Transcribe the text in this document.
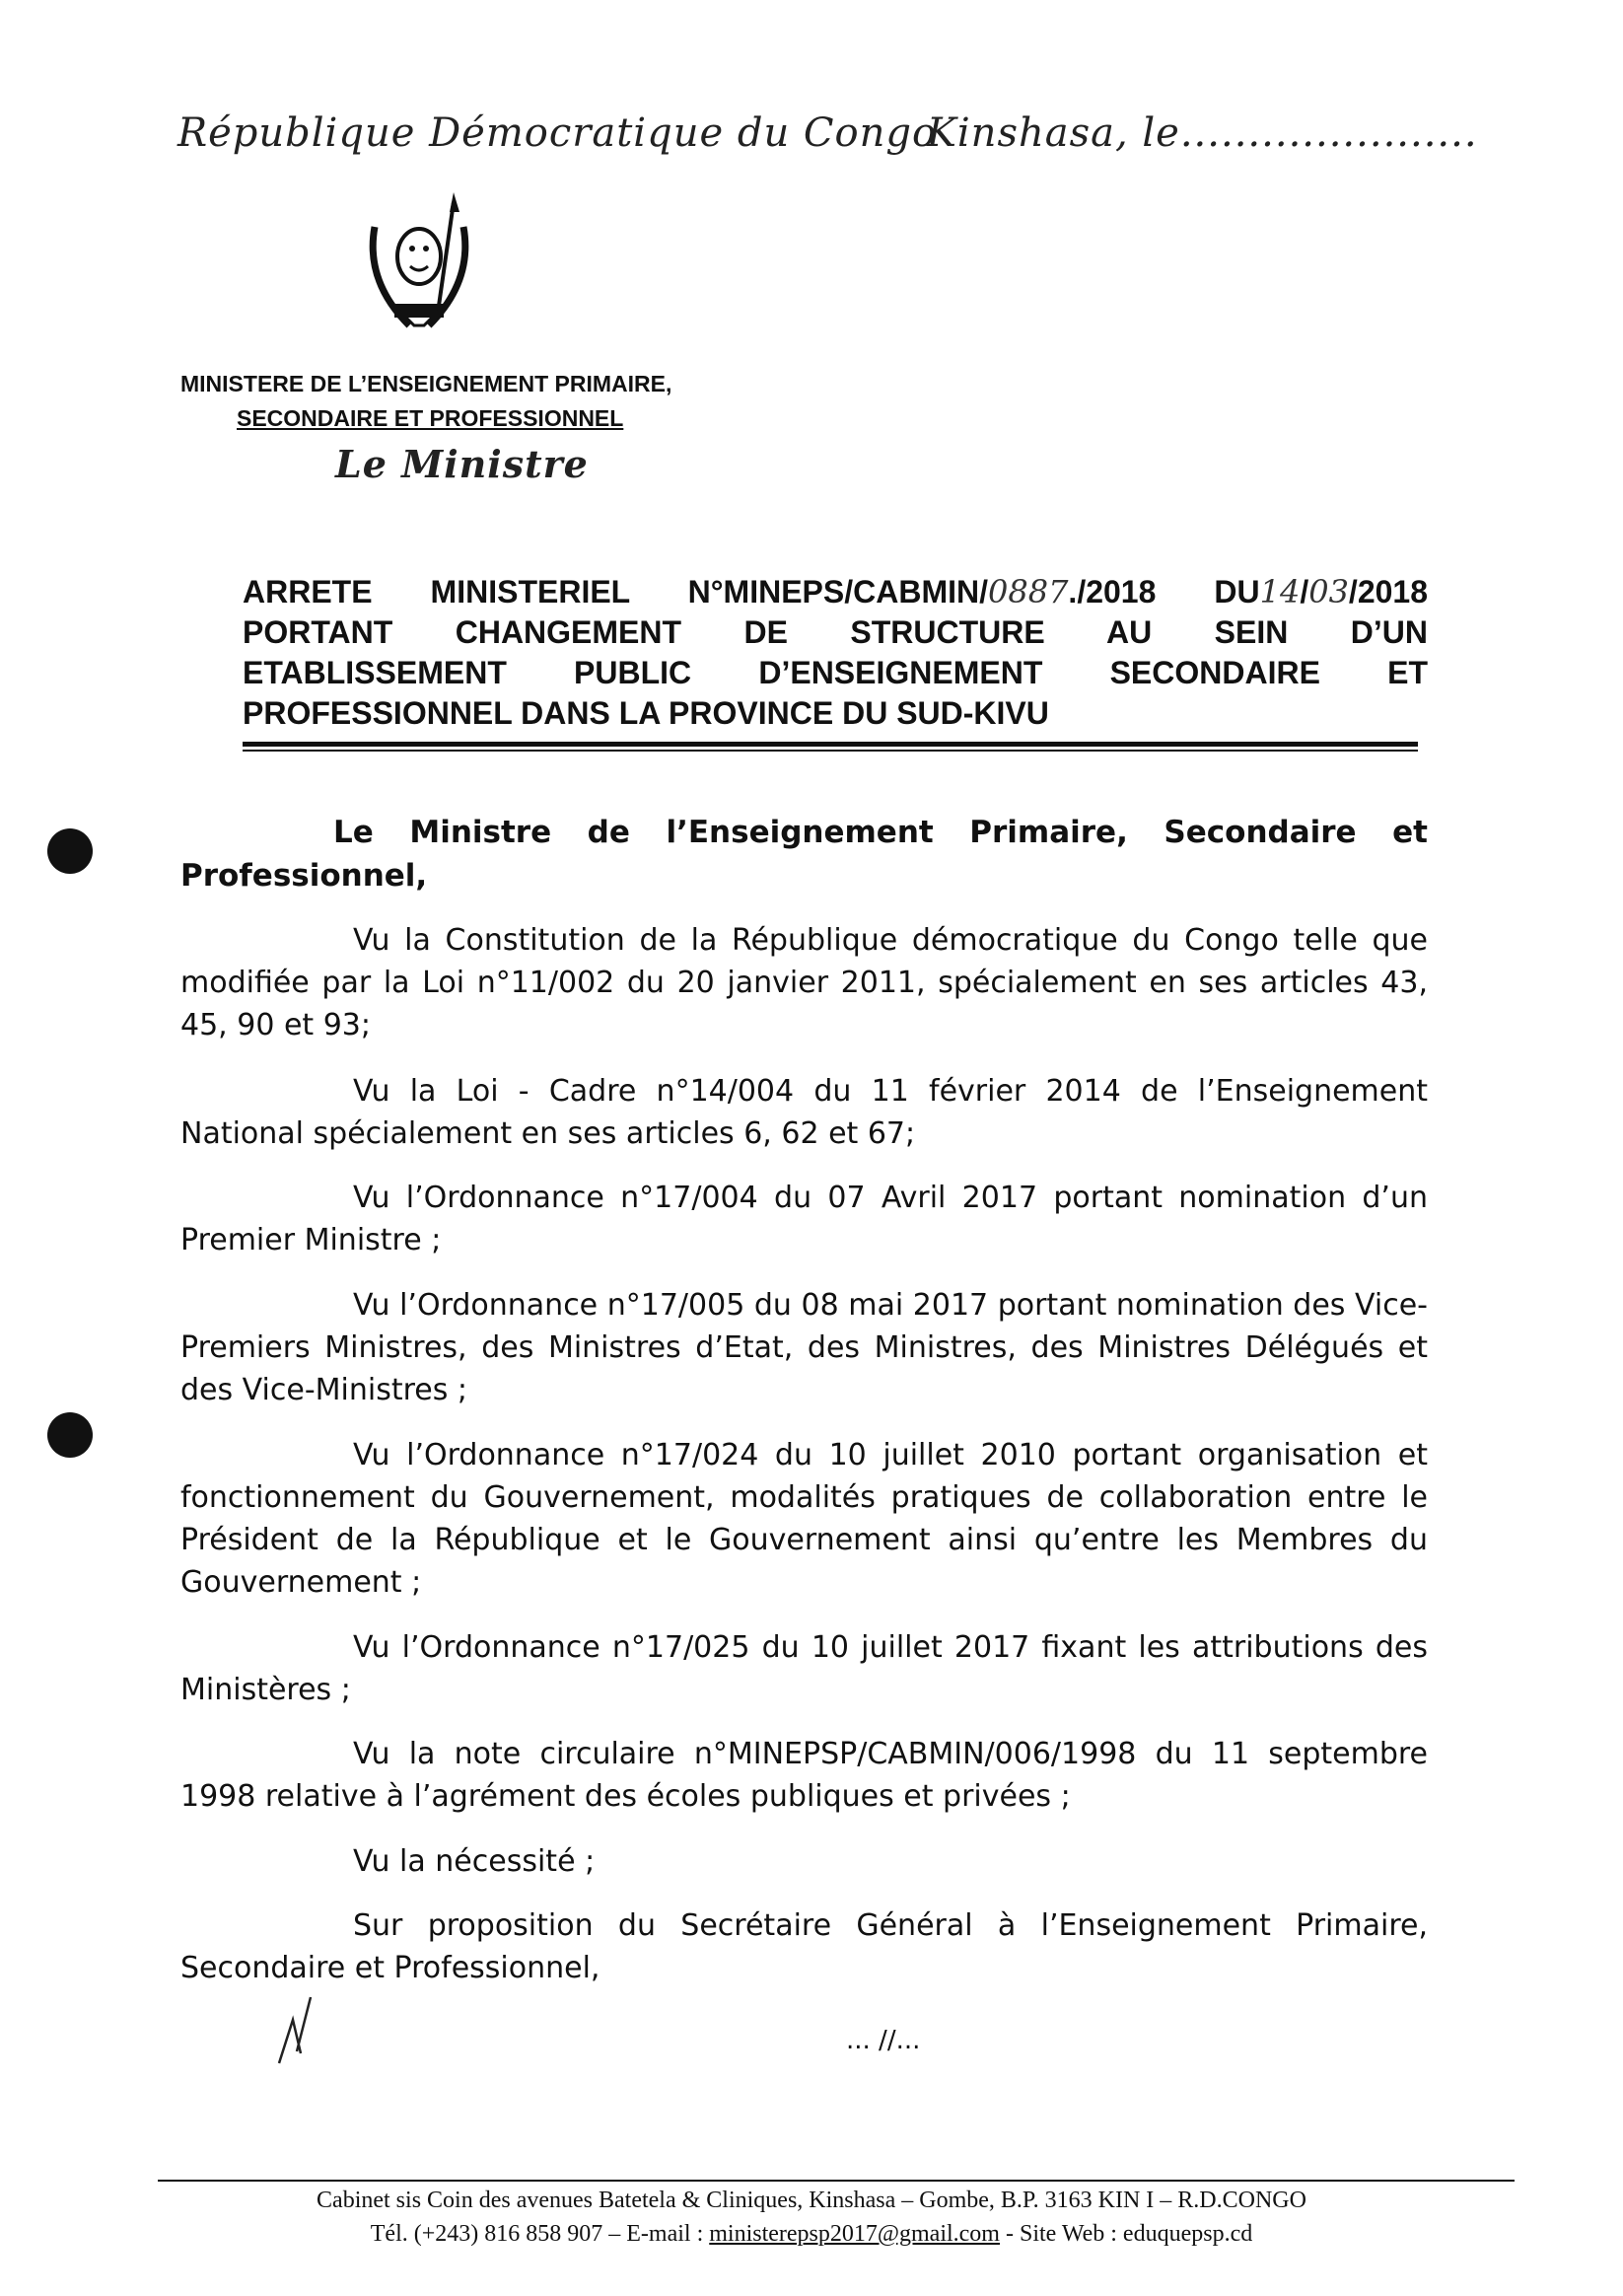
République Démocratique du Congo
Kinshasa, le......................
MINISTERE DE L’ENSEIGNEMENT PRIMAIRE,
SECONDAIRE ET PROFESSIONNEL
Le Ministre
ARRETE MINISTERIEL N°MINEPS/CABMIN/0887./2018 DU14/03/2018
PORTANT CHANGEMENT DE STRUCTURE AU SEIN D’UN
ETABLISSEMENT PUBLIC D’ENSEIGNEMENT SECONDAIRE ET
PROFESSIONNEL DANS LA PROVINCE DU SUD-KIVU
Le Ministre de l’Enseignement Primaire, Secondaire et Professionnel,
Vu la Constitution de la République démocratique du Congo telle que modifiée par la Loi n°11/002 du 20 janvier 2011, spécialement en ses articles 43, 45, 90 et 93;
Vu la Loi - Cadre n°14/004 du 11 février 2014 de l’Enseignement National spécialement en ses articles 6, 62 et 67;
Vu l’Ordonnance n°17/004 du 07 Avril 2017 portant nomination d’un Premier Ministre ;
Vu l’Ordonnance n°17/005 du 08 mai 2017 portant nomination des Vice-Premiers Ministres, des Ministres d’Etat, des Ministres, des Ministres Délégués et des Vice-Ministres ;
Vu l’Ordonnance n°17/024 du 10 juillet 2010 portant organisation et fonctionnement du Gouvernement, modalités pratiques de collaboration entre le Président de la République et le Gouvernement ainsi qu’entre les Membres du Gouvernement ;
Vu l’Ordonnance n°17/025 du 10 juillet 2017 fixant les attributions des Ministères ;
Vu la note circulaire n°MINEPSP/CABMIN/006/1998 du 11 septembre 1998 relative à l’agrément des écoles publiques et privées ;
Vu la nécessité ;
Sur proposition du Secrétaire Général à l’Enseignement Primaire, Secondaire et Professionnel,
... //...
Cabinet sis Coin des avenues Batetela & Cliniques, Kinshasa – Gombe, B.P. 3163 KIN I – R.D.CONGO
Tél. (+243) 816 858 907 – E-mail : ministerepsp2017@gmail.com - Site Web : eduquepsp.cd
